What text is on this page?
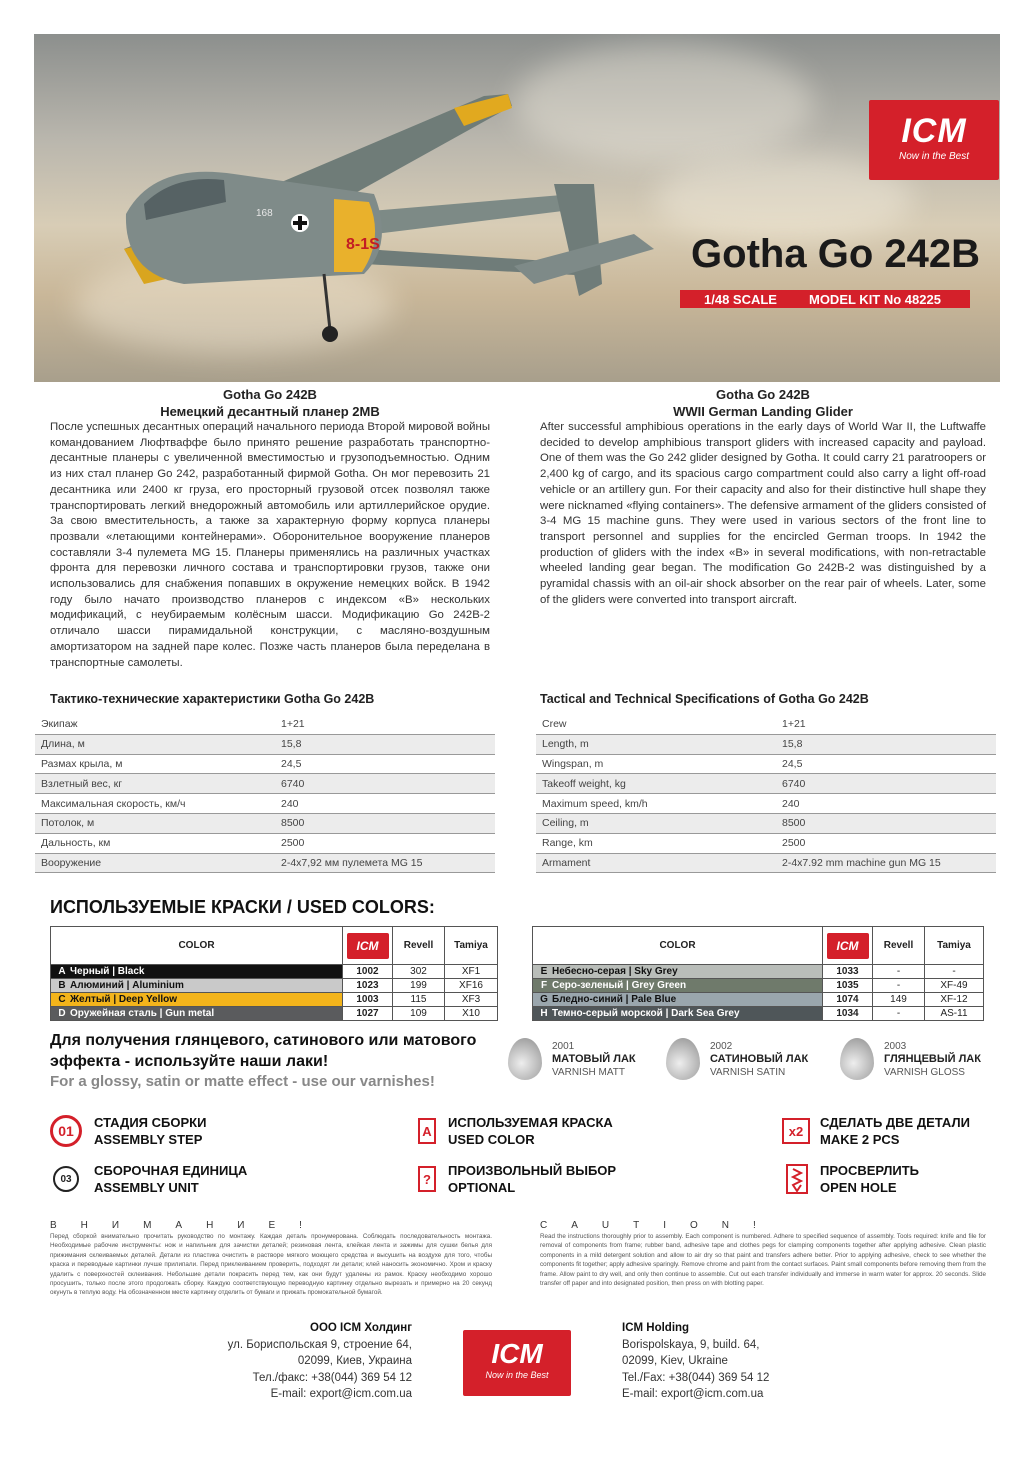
8-1S
168
ICM
Now in the Best
Gotha Go 242B
1/48 SCALE MODEL KIT No 48225
Gotha Go 242B
Немецкий десантный планер 2МВ
После успешных десантных операций начального периода Второй мировой войны командованием Люфтваффе было принято решение разработать транспортно-десантные планеры с увеличенной вместимостью и грузоподъемностью. Одним из них стал планер Go 242, разработанный фирмой Gotha. Он мог перевозить 21 десантника или 2400 кг груза, его просторный грузовой отсек позволял также транспортировать легкий внедорожный автомобиль или артиллерийское орудие. За свою вместительность, а также за характерную форму корпуса планеры прозвали «летающими контейнерами». Оборонительное вооружение планеров составляли 3-4 пулемета MG 15. Планеры применялись на различных участках фронта для перевозки личного состава и транспортировки грузов, также они использовались для снабжения попавших в окружение немецких войск. В 1942 году было начато производство планеров с индексом «B» нескольких модификаций, с неубираемым колёсным шасси. Модификацию Go 242B-2 отличало шасси пирамидальной конструкции, с масляно-воздушным амортизатором на задней паре колес. Позже часть планеров была переделана в транспортные самолеты.
Gotha Go 242B
WWII German Landing Glider
After successful amphibious operations in the early days of World War II, the Luftwaffe decided to develop amphibious transport gliders with increased capacity and payload. One of them was the Go 242 glider designed by Gotha. It could carry 21 paratroopers or 2,400 kg of cargo, and its spacious cargo compartment could also carry a light off-road vehicle or an artillery gun. For their capacity and also for their distinctive hull shape they were nicknamed «flying containers». The defensive armament of the gliders consisted of 3-4 MG 15 machine guns. They were used in various sectors of the front line to transport personnel and supplies for the encircled German troops. In 1942 the production of gliders with the index «B» in several modifications, with non-retractable wheeled landing gear began. The modification Go 242B-2 was distinguished by a pyramidal chassis with an oil-air shock absorber on the rear pair of wheels. Later, some of the gliders were converted into transport aircraft.
Тактико-технические характеристики Gotha Go 242B
Экипаж	1+21
Длина, м	15,8
Размах крыла, м	24,5
Взлетный вес, кг	6740
Максимальная скорость, км/ч	240
Потолок, м	8500
Дальность, км	2500
Вооружение	2-4х7,92 мм пулемета MG 15
Tactical and Technical Specifications of Gotha Go 242B
Crew	1+21
Length, m	15,8
Wingspan, m	24,5
Takeoff weight, kg	6740
Maximum speed, km/h	240
Ceiling, m	8500
Range, km	2500
Armament	2-4x7.92 mm machine gun MG 15
ИСПОЛЬЗУЕМЫЕ КРАСКИ / USED COLORS:
COLOR	ICM	Revell	Tamiya
A Черный | Black	1002	302	XF1
B Алюминий | Aluminium	1023	199	XF16
C Желтый | Deep Yellow	1003	115	XF3
D Оружейная сталь | Gun metal	1027	109	X10
COLOR	ICM	Revell	Tamiya
E Небесно-серая | Sky Grey	1033	-	-
F Серо-зеленый | Grey Green	1035	-	XF-49
G Бледно-синий | Pale Blue	1074	149	XF-12
H Темно-серый морской | Dark Sea Grey	1034	-	AS-11
Для получения глянцевого, сатинового или матового эффекта - используйте наши лаки!
For a glossy, satin or matte effect - use our varnishes!
2001
МАТОВЫЙ ЛАК
VARNISH MATT
2002
САТИНОВЫЙ ЛАК
VARNISH SATIN
2003
ГЛЯНЦЕВЫЙ ЛАК
VARNISH GLOSS
01
СТАДИЯ СБОРКИ
ASSEMBLY STEP
03
СБОРОЧНАЯ ЕДИНИЦА
ASSEMBLY UNIT
A
ИСПОЛЬЗУЕМАЯ КРАСКА
USED COLOR
?
ПРОИЗВОЛЬНЫЙ ВЫБОР
OPTIONAL
x2
СДЕЛАТЬ ДВЕ ДЕТАЛИ
MAKE 2 PCS
ПРОСВЕРЛИТЬ
OPEN HOLE
ВНИМАНИЕ!
Перед сборкой внимательно прочитать руководство по монтажу. Каждая деталь пронумерована. Соблюдать последовательность монтажа. Необходимые рабочие инструменты: нож и напильник для зачистки деталей; резиновая лента, клейкая лента и зажимы для сушки белья для прижимания склеиваемых деталей. Детали из пластика очистить в растворе мягкого моющего средства и высушить на воздухе для того, чтобы краска и переводные картинки лучше прилипали. Перед приклеиванием проверить, подходят ли детали; клей наносить экономично. Хром и краску удалить с поверхностей склеивания. Небольшие детали покрасить перед тем, как они будут удалены из рамок. Краску необходимо хорошо просушить, только после этого продолжать сборку. Каждую соответствующую переводную картинку отдельно вырезать и примерно на 20 секунд окунуть в теплую воду. На обозначенном месте картинку отделить от бумаги и прижать промокательной бумагой.
CAUTION!
Read the instructions thoroughly prior to assembly. Each component is numbered. Adhere to specified sequence of assembly. Tools required: knife and file for removal of components from frame; rubber band, adhesive tape and clothes pegs for clamping components together after applying adhesive. Clean plastic components in a mild detergent solution and allow to air dry so that paint and transfers adhere better. Prior to applying adhesive, check to see whether the components fit together; apply adhesive sparingly. Remove chrome and paint from the contact surfaces. Paint small components before removing them from the frame. Allow paint to dry well, and only then continue to assemble. Cut out each transfer individually and immerse in warm water for approx. 20 seconds. Slide transfer off paper and into designated position, then press on with blotting paper.
ООО ICM Холдинг
ул. Бориспольская 9, строение 64,
02099, Киев, Украина
Тел./факс: +38(044) 369 54 12
E-mail: export@icm.com.ua
ICM
Now in the Best
ICM Holding
Borispolskaya, 9, build. 64,
02099, Kiev, Ukraine
Tel./Fax: +38(044) 369 54 12
E-mail: export@icm.com.ua
